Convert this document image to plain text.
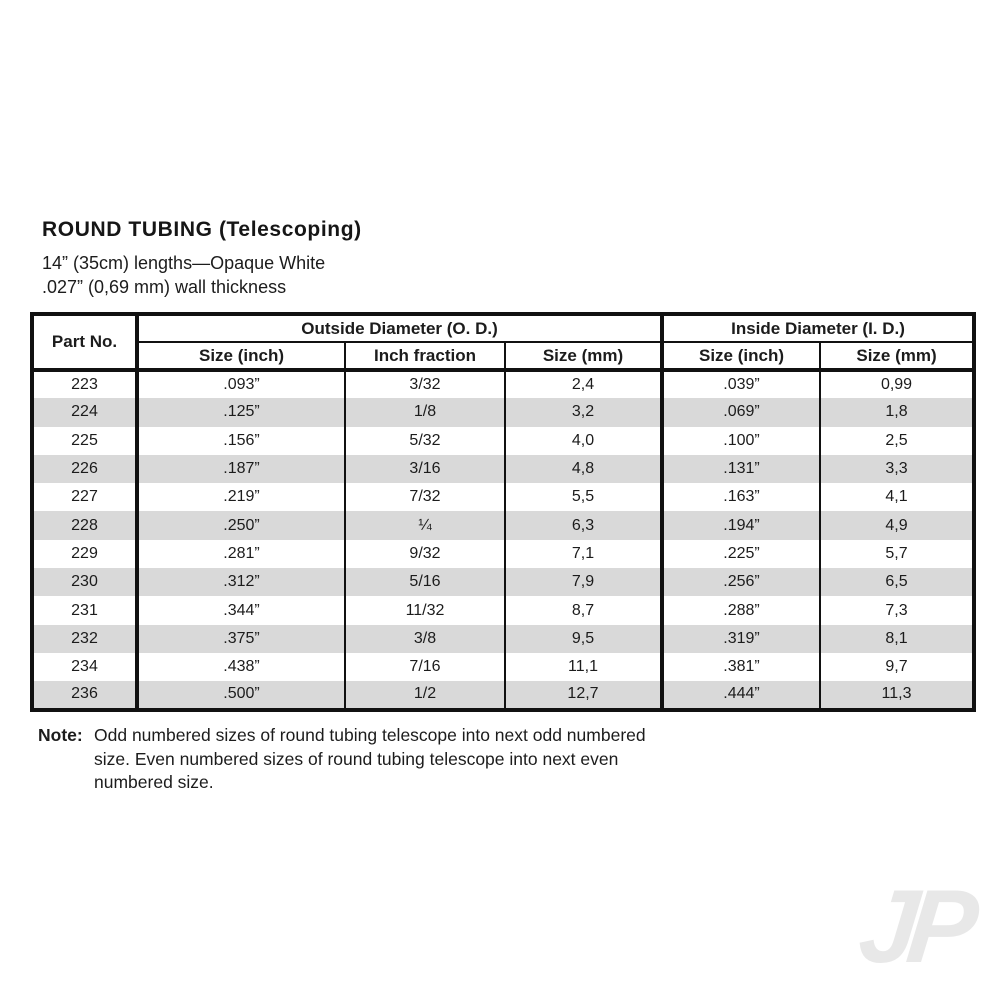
ROUND TUBING (Telescoping)
14” (35cm) lengths—Opaque White
.027” (0,69 mm) wall thickness
Part No.	Outside Diameter (O. D.)			Inside Diameter (I. D.)	
	Size (inch)	Inch fraction	Size (mm)	Size (inch)	Size (mm)
223	.093”	3/32	2,4	.039”	0,99
224	.125”	1/8	3,2	.069”	1,8
225	.156”	5/32	4,0	.100”	2,5
226	.187”	3/16	4,8	.131”	3,3
227	.219”	7/32	5,5	.163”	4,1
228	.250”	¼	6,3	.194”	4,9
229	.281”	9/32	7,1	.225”	5,7
230	.312”	5/16	7,9	.256”	6,5
231	.344”	11/32	8,7	.288”	7,3
232	.375”	3/8	9,5	.319”	8,1
234	.438”	7/16	11,1	.381”	9,7
236	.500”	1/2	12,7	.444”	11,3
Note: Odd numbered sizes of round tubing telescope into next odd numbered size. Even numbered sizes of round tubing telescope into next even numbered size.
JP
